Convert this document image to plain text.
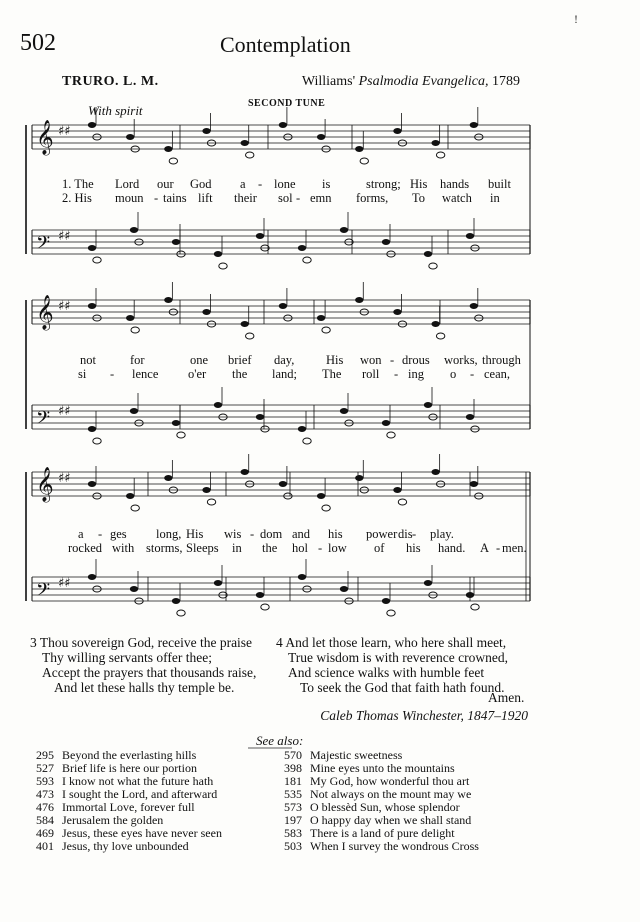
!
502	Contemplation
TRURO. L. M.	Williams' Psalmodia Evangelica, 1789
With spirit	SECOND TUNE
𝄞 ♯♯
𝄢 ♯♯
𝄞 ♯♯
𝄢 ♯♯
𝄞 ♯♯
𝄢 ♯♯
1. The Lord our God a - lone is	strong; His hands built
2. His moun - tains lift their sol - emn forms, To watch in
not	for	one brief day,	His won - drous works, through
si - lence o'er the land; The roll - ing o - cean,
a - ges long, His wis - dom and his power dis - play.
rocked with storms, Sleeps in the hol - low of his hand. A - men.
3 Thou sovereign God, receive the praise
Thy willing servants offer thee;
Accept the prayers that thousands raise,
And let these halls thy temple be.
4 And let those learn, who here shall meet,
True wisdom is with reverence crowned,
And science walks with humble feet
To seek the God that faith hath found.
Amen.
Caleb Thomas Winchester, 1847–1920
See also:
295 Beyond the everlasting hills
527 Brief life is here our portion
593 I know not what the future hath
473 I sought the Lord, and afterward
476 Immortal Love, forever full
584 Jerusalem the golden
469 Jesus, these eyes have never seen
401 Jesus, thy love unbounded
570 Majestic sweetness
398 Mine eyes unto the mountains
181 My God, how wonderful thou art
535 Not always on the mount may we
573 O blessèd Sun, whose splendor
197 O happy day when we shall stand
583 There is a land of pure delight
503 When I survey the wondrous Cross
